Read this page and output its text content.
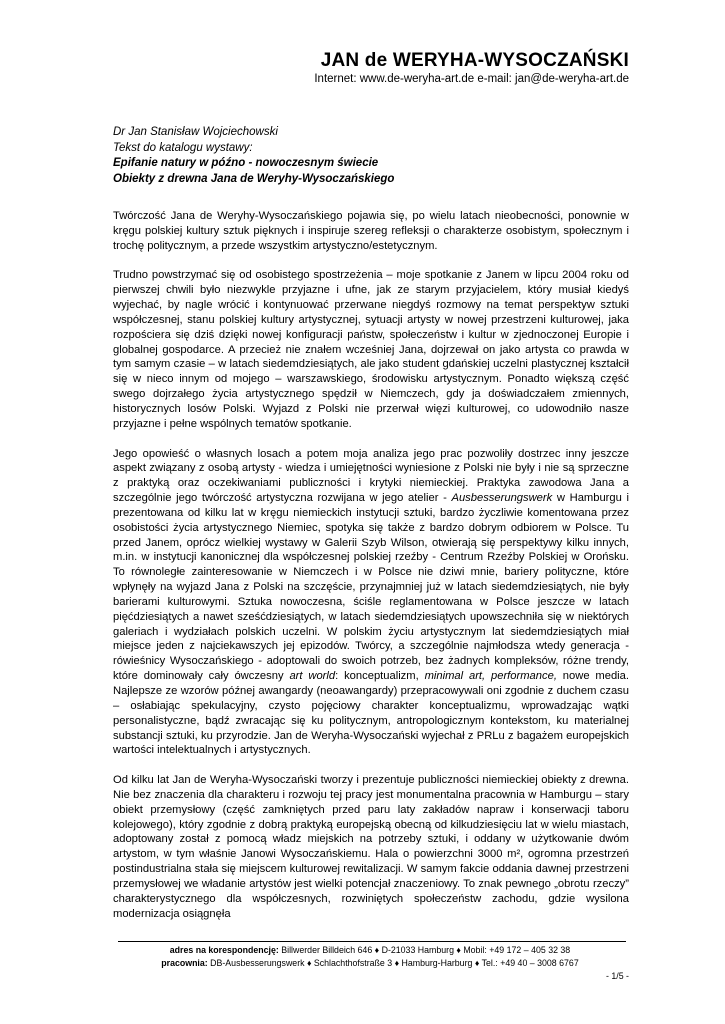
JAN de WERYHA-WYSOCZAŃSKI
Internet: www.de-weryha-art.de e-mail: jan@de-weryha-art.de
Dr Jan Stanisław Wojciechowski
Tekst do katalogu wystawy:
Epifanie natury w późno - nowoczesnym świecie
Obiekty z drewna Jana de Weryhy-Wysoczańskiego

Twórczość Jana de Weryhy-Wysoczańskiego pojawia się, po wielu latach nieobecności, ponownie w kręgu polskiej kultury sztuk pięknych i inspiruje szereg refleksji o charakterze osobistym, społecznym i trochę politycznym, a przede wszystkim artystyczno/estetycznym.

Trudno powstrzymać się od osobistego spostrzeżenia – moje spotkanie z Janem w lipcu 2004 roku od pierwszej chwili było niezwykle przyjazne i ufne, jak ze starym przyjacielem, który musiał kiedyś wyjechać, by nagle wrócić i kontynuować przerwane niegdyś rozmowy na temat perspektyw sztuki współczesnej, stanu polskiej kultury artystycznej, sytuacji artysty w nowej przestrzeni kulturowej, jaka rozpościera się dziś dzięki nowej konfiguracji państw, społeczeństw i kultur w zjednoczonej Europie i globalnej gospodarce. A przecież nie znałem wcześniej Jana, dojrzewał on jako artysta co prawda w tym samym czasie – w latach siedemdziesiątych, ale jako student gdańskiej uczelni plastycznej kształcił się w nieco innym od mojego – warszawskiego, środowisku artystycznym. Ponadto większą część swego dojrzałego życia artystycznego spędził w Niemczech, gdy ja doświadczałem zmiennych, historycznych losów Polski. Wyjazd z Polski nie przerwał więzi kulturowej, co udowodniło nasze przyjazne i pełne wspólnych tematów spotkanie.

Jego opowieść o własnych losach a potem moja analiza jego prac pozwoliły dostrzec inny jeszcze aspekt związany z osobą artysty - wiedza i umiejętności wyniesione z Polski nie były i nie są sprzeczne z praktyką oraz oczekiwaniami publiczności i krytyki niemieckiej. Praktyka zawodowa Jana a szczególnie jego twórczość artystyczna rozwijana w jego atelier - Ausbesserungswerk w Hamburgu i prezentowana od kilku lat w kręgu niemieckich instytucji sztuki, bardzo życzliwie komentowana przez osobistości życia artystycznego Niemiec, spotyka się także z bardzo dobrym odbiorem w Polsce. Tu przed Janem, oprócz wielkiej wystawy w Galerii Szyb Wilson, otwierają się perspektywy kilku innych, m.in. w instytucji kanonicznej dla współczesnej polskiej rzeźby - Centrum Rzeźby Polskiej w Orońsku. To równoległe zainteresowanie w Niemczech i w Polsce nie dziwi mnie, bariery polityczne, które wpłynęły na wyjazd Jana z Polski na szczęście, przynajmniej już w latach siedemdziesiątych, nie były barierami kulturowymi. Sztuka nowoczesna, ściśle reglamentowana w Polsce jeszcze w latach pięćdziesiątych a nawet sześćdziesiątych, w latach siedemdziesiątych upowszechniła się w niektórych galeriach i wydziałach polskich uczelni. W polskim życiu artystycznym lat siedemdziesiątych miał miejsce jeden z najciekawszych jej epizodów. Twórcy, a szczególnie najmłodsza wtedy generacja - rówieśnicy Wysoczańskiego - adoptowali do swoich potrzeb, bez żadnych kompleksów, różne trendy, które dominowały cały ówczesny art world: konceptualizm, minimal art, performance, nowe media. Najlepsze ze wzorów późnej awangardy (neoawangardy) przepracowywali oni zgodnie z duchem czasu – osłabiając spekulacyjny, czysto pojęciowy charakter konceptualizmu, wprowadzając wątki personalistyczne, bądź zwracając się ku politycznym, antropologicznym kontekstom, ku materialnej substancji sztuki, ku przyrodzie. Jan de Weryha-Wysoczański wyjechał z PRLu z bagażem europejskich wartości intelektualnych i artystycznych.

Od kilku lat Jan de Weryha-Wysoczański tworzy i prezentuje publiczności niemieckiej obiekty z drewna. Nie bez znaczenia dla charakteru i rozwoju tej pracy jest monumentalna pracownia w Hamburgu – stary obiekt przemysłowy (część zamkniętych przed paru laty zakładów napraw i konserwacji taboru kolejowego), który zgodnie z dobrą praktyką europejską obecną od kilkudziesięciu lat w wielu miastach, adoptowany został z pomocą władz miejskich na potrzeby sztuki, i oddany w użytkowanie dwóm artystom, w tym właśnie Janowi Wysoczańskiemu. Hala o powierzchni 3000 m², ogromna przestrzeń postindustrialna stała się miejscem kulturowej rewitalizacji. W samym fakcie oddania dawnej przestrzeni przemysłowej we władanie artystów jest wielki potencjał znaczeniowy. To znak pewnego „obrotu rzeczy” charakterystycznego dla współczesnych, rozwiniętych społeczeństw zachodu, gdzie wysilona modernizacja osiągnęła

adres na korespondencję: Billwerder Billdeich 646 ♦ D-21033 Hamburg ♦ Mobil: +49 172 – 405 32 38
pracownia: DB-Ausbesserungswerk ♦ Schlachthofstraße 3 ♦ Hamburg-Harburg ♦ Tel.: +49 40 – 3008 6767
- 1/5 -
